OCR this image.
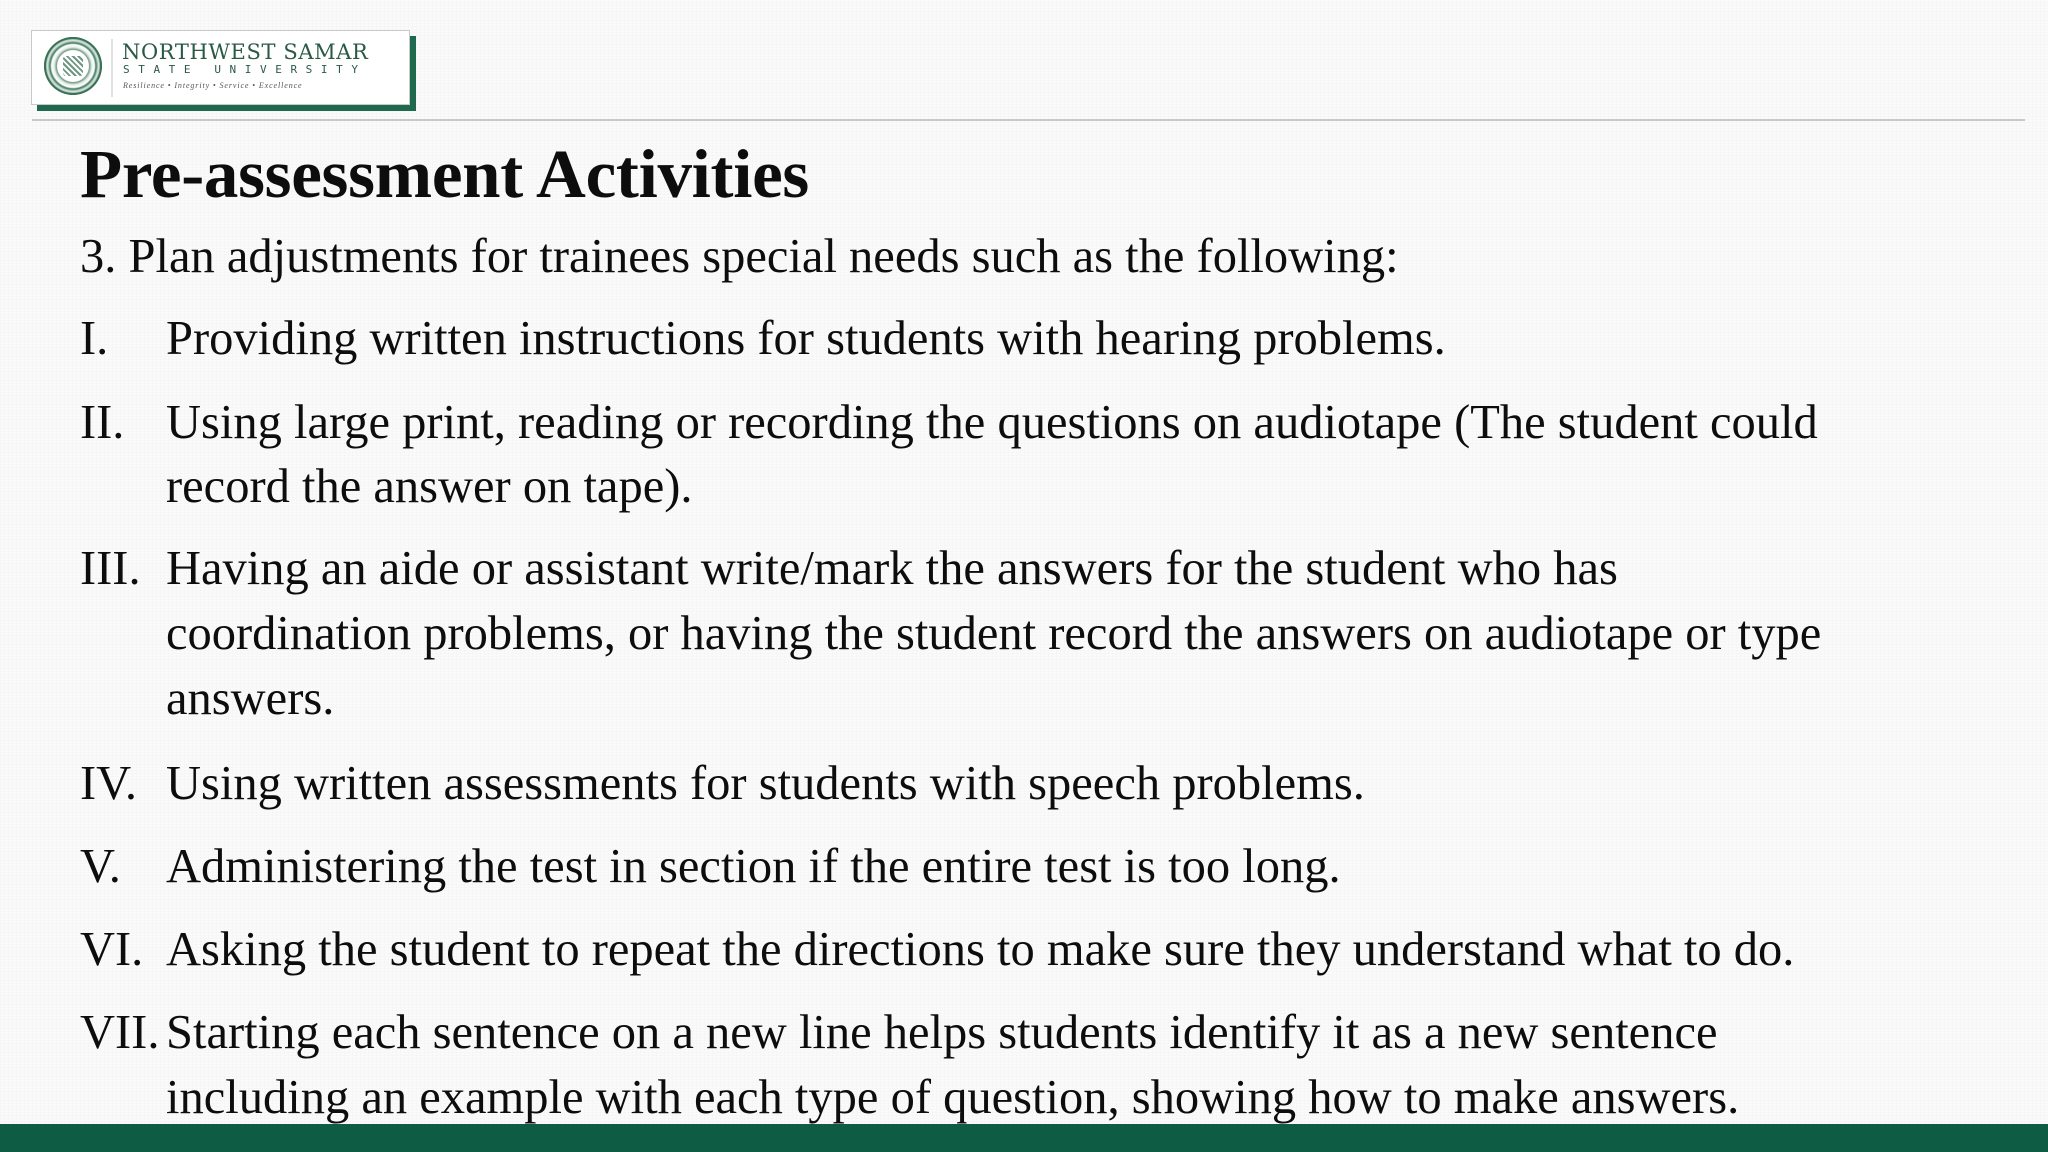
NORTHWEST SAMAR
STATE UNIVERSITY
Resilience • Integrity • Service • Excellence
Pre-assessment Activities
3. Plan adjustments for trainees special needs such as the following:
I. Providing written instructions for students with hearing problems.
II. Using large print, reading or recording the questions on audiotape (The student could
record the answer on tape).
III. Having an aide or assistant write/mark the answers for the student who has
coordination problems, or having the student record the answers on audiotape or type
answers.
IV. Using written assessments for students with speech problems.
V. Administering the test in section if the entire test is too long.
VI. Asking the student to repeat the directions to make sure they understand what to do.
VII. Starting each sentence on a new line helps students identify it as a new sentence
including an example with each type of question, showing how to make answers.
